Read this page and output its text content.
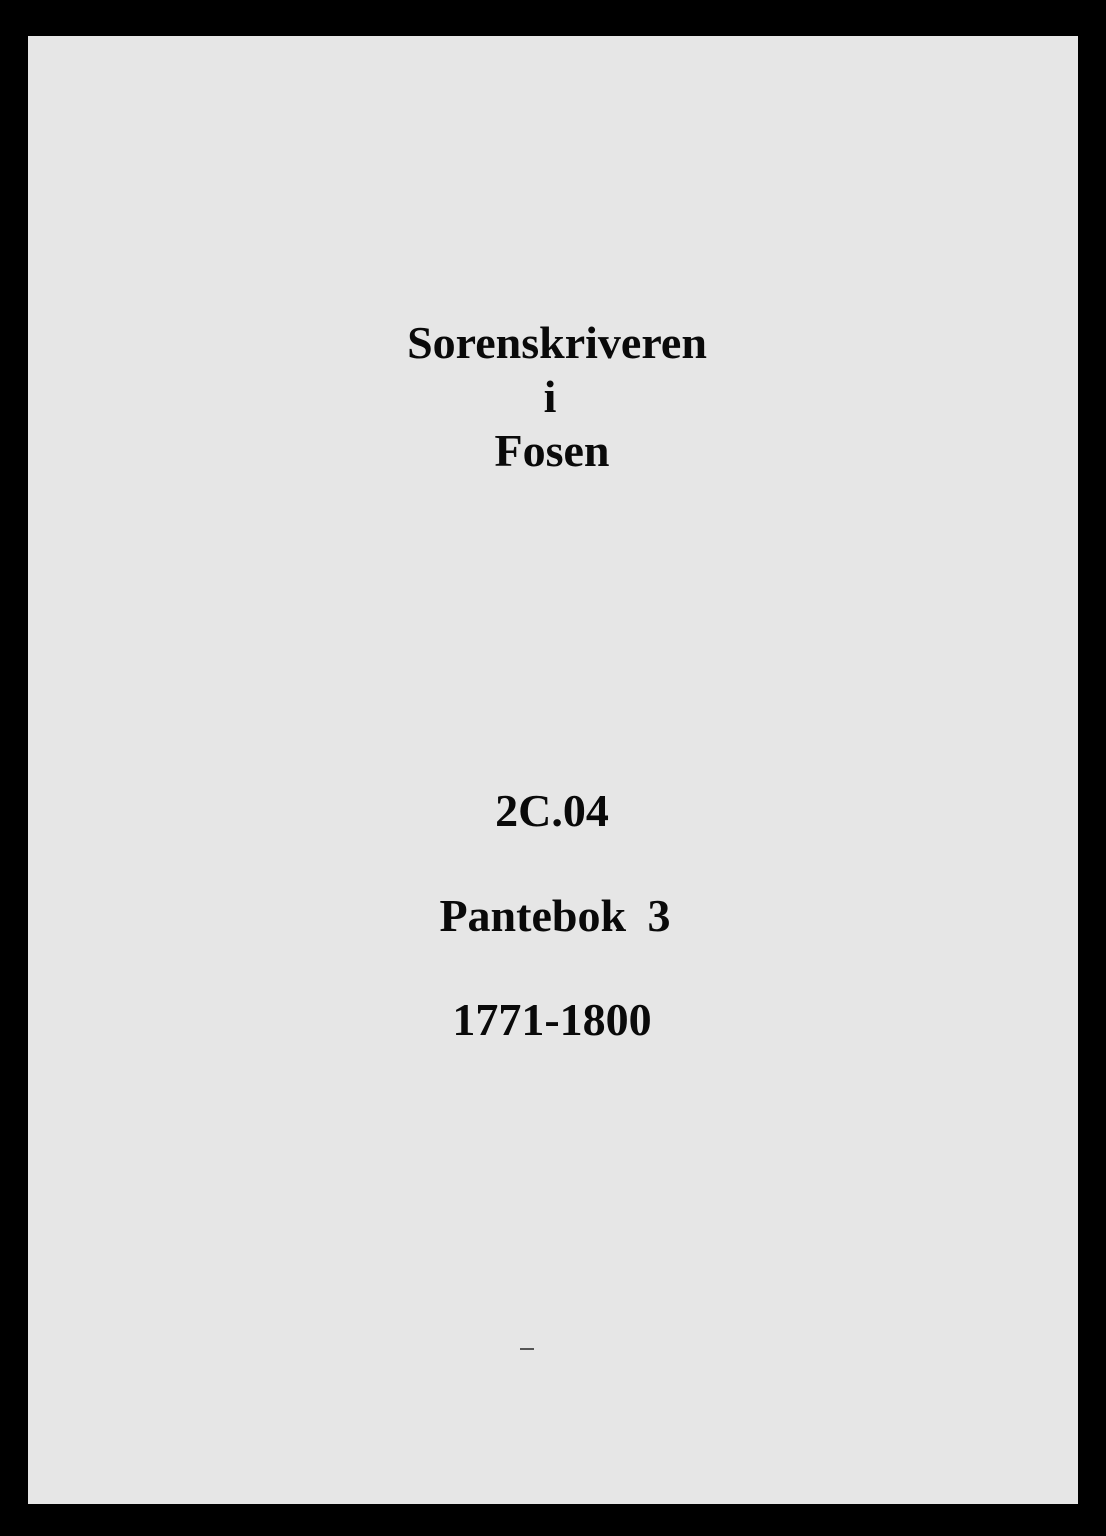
Sorenskriveren
i
Fosen
2C.04
Pantebok 3
1771-1800
